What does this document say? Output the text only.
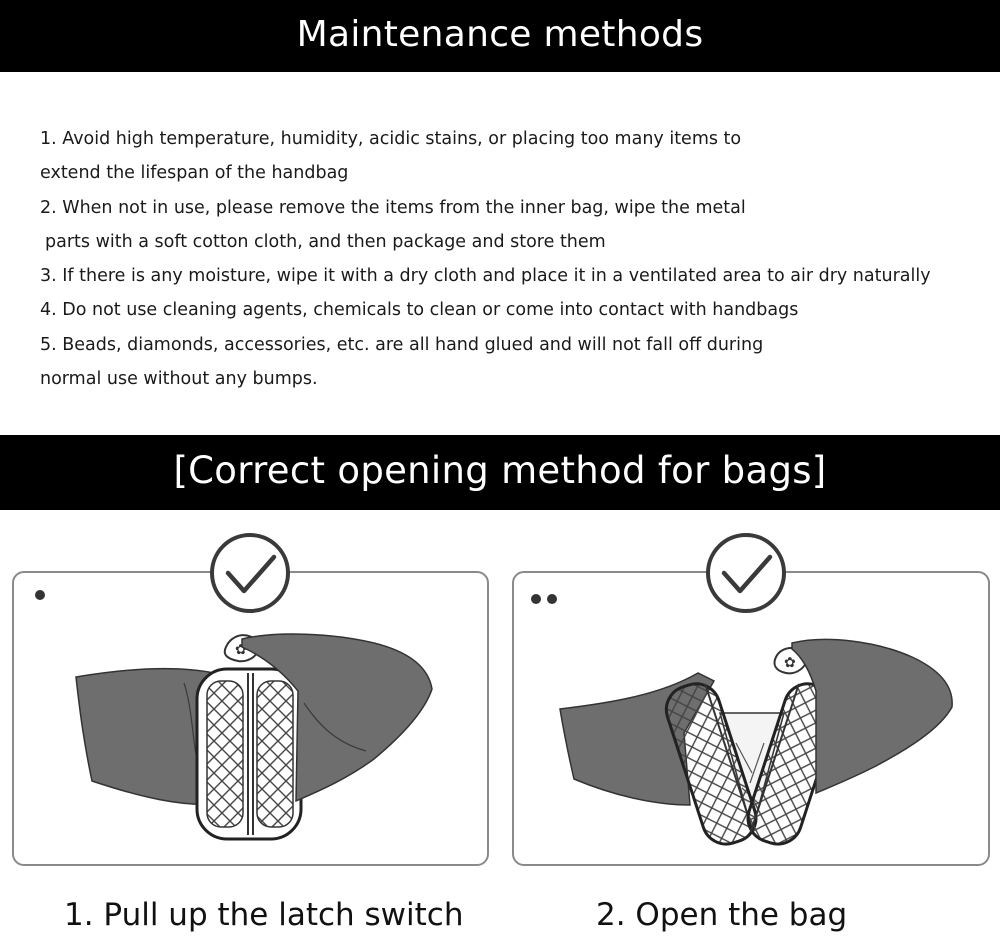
Maintenance methods
1. Avoid high temperature, humidity, acidic stains, or placing too many items to
extend the lifespan of the handbag
2. When not in use, please remove the items from the inner bag, wipe the metal
parts with a soft cotton cloth, and then package and store them
3. If there is any moisture, wipe it with a dry cloth and place it in a ventilated area to air dry naturally
4. Do not use cleaning agents, chemicals to clean or come into contact with handbags
5. Beads, diamonds, accessories, etc. are all hand glued and will not fall off during
normal use without any bumps.
[Correct opening method for bags]
✿
✿
1. Pull up the latch switch	2. Open the bag
